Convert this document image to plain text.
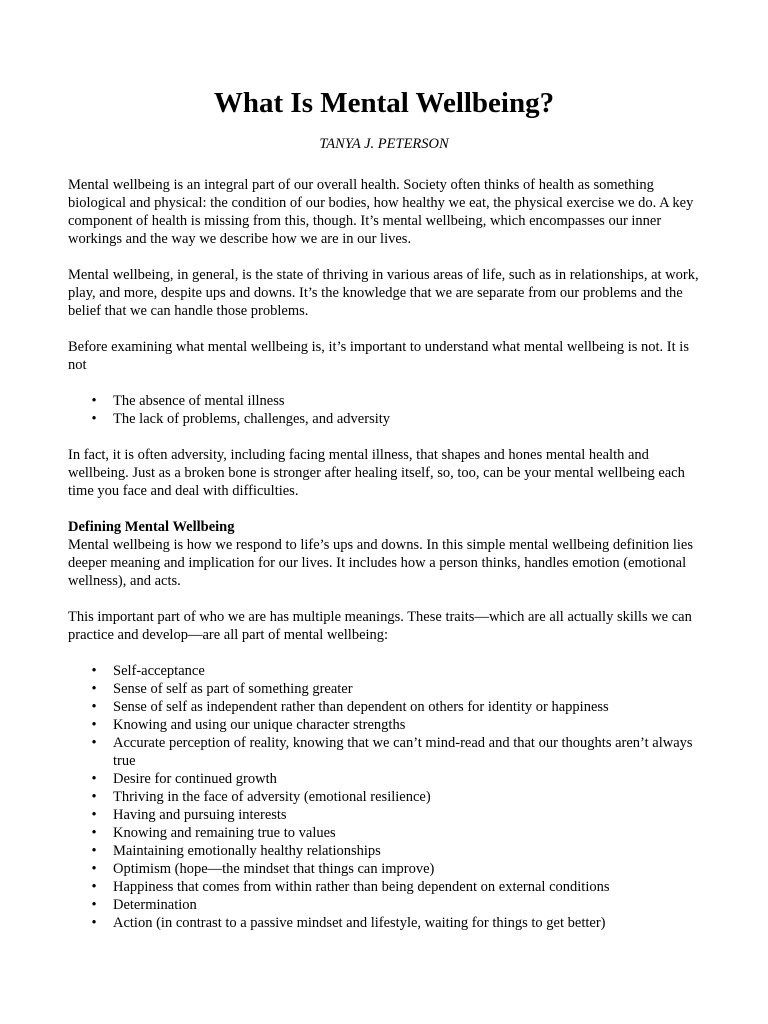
What Is Mental Wellbeing?
TANYA J. PETERSON

Mental wellbeing is an integral part of our overall health. Society often thinks of health as something biological and physical: the condition of our bodies, how healthy we eat, the physical exercise we do. A key component of health is missing from this, though. It’s mental wellbeing, which encompasses our inner workings and the way we describe how we are in our lives.

Mental wellbeing, in general, is the state of thriving in various areas of life, such as in relationships, at work, play, and more, despite ups and downs. It’s the knowledge that we are separate from our problems and the belief that we can handle those problems.

Before examining what mental wellbeing is, it’s important to understand what mental wellbeing is not. It is not

• The absence of mental illness
• The lack of problems, challenges, and adversity

In fact, it is often adversity, including facing mental illness, that shapes and hones mental health and wellbeing. Just as a broken bone is stronger after healing itself, so, too, can be your mental wellbeing each time you face and deal with difficulties.

Defining Mental Wellbeing

Mental wellbeing is how we respond to life’s ups and downs. In this simple mental wellbeing definition lies deeper meaning and implication for our lives. It includes how a person thinks, handles emotion (emotional wellness), and acts.

This important part of who we are has multiple meanings. These traits—which are all actually skills we can practice and develop—are all part of mental wellbeing:

• Self-acceptance
• Sense of self as part of something greater
• Sense of self as independent rather than dependent on others for identity or happiness
• Knowing and using our unique character strengths
• Accurate perception of reality, knowing that we can’t mind-read and that our thoughts aren’t always true
• Desire for continued growth
• Thriving in the face of adversity (emotional resilience)
• Having and pursuing interests
• Knowing and remaining true to values
• Maintaining emotionally healthy relationships
• Optimism (hope—the mindset that things can improve)
• Happiness that comes from within rather than being dependent on external conditions
• Determination
• Action (in contrast to a passive mindset and lifestyle, waiting for things to get better)
